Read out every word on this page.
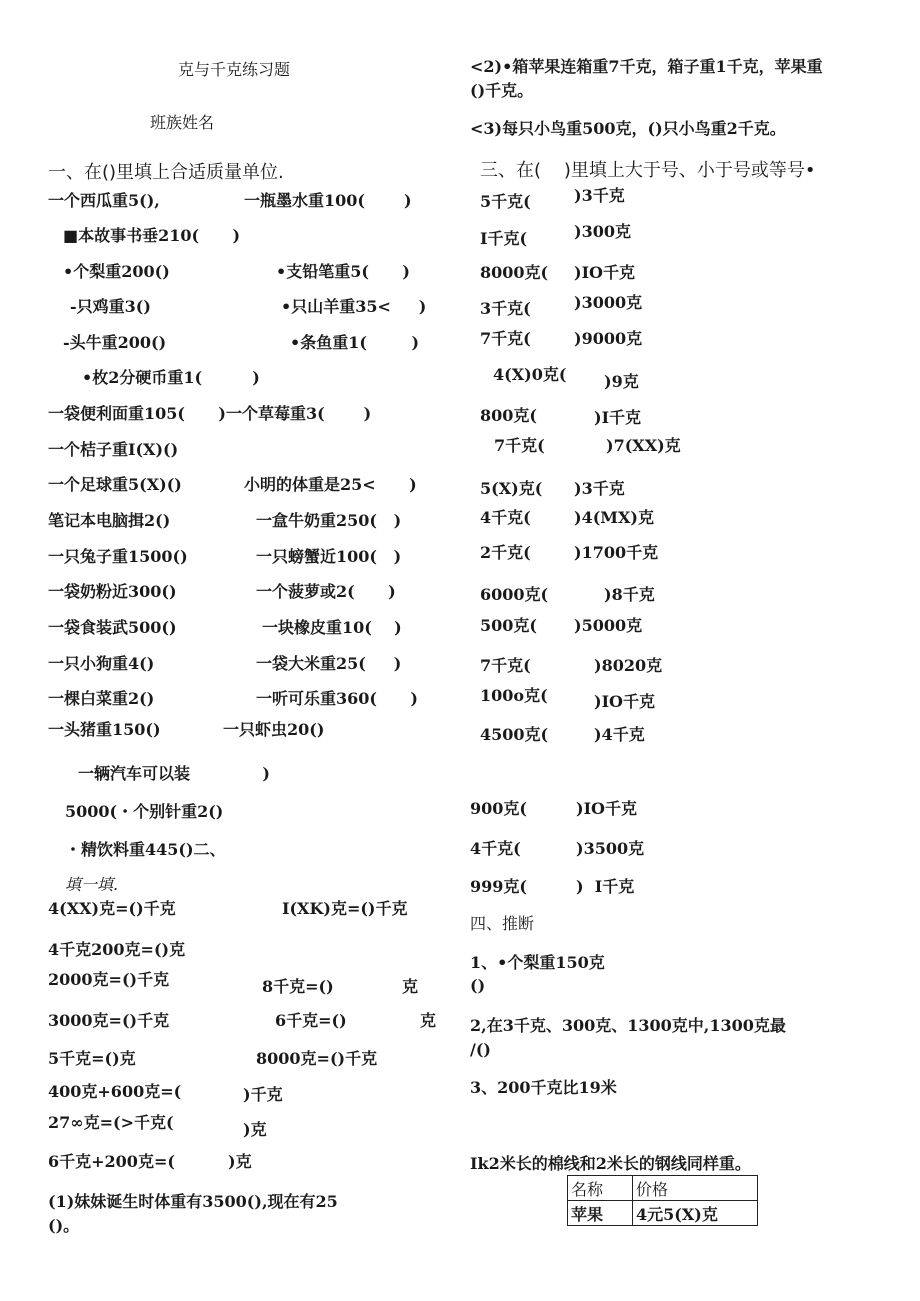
克与千克练习题
班族姓名
一、在()里填上合适质量单位.
一个西瓜重5(),	一瓶墨水重100(       )
■本故事书垂210(      )
•个梨重200()	•支铅笔重5(      )
-只鸡重3()	•只山羊重35<     )
-头牛重200()	•条鱼重1(        )
•枚2分硬币重1(         )
一袋便利面重105(      )一个草莓重3(       )
一个桔子重I(X)()
一个足球重5(X)()	小明的体重是25<      )
笔记本电脑揖2()	一盒牛奶重250(   )
一只兔子重1500()	一只螃蟹近100(   )
一袋奶粉近300()	一个菠萝或2(      )
一袋食装武500()	一块橡皮重10(    )
一只小狗重4()	一袋大米重25(     )
一棵白菜重2()	一听可乐重360(      )
一头猪重150()	一只虾虫20()
一辆汽车可以装             )
5000(・个别针重2()
・精饮料重445()二、
填一填.
4(XX)克=()千克	I(XK)克=()千克
4千克200克=()克
2000克=()千克	8千克=()	克
3000克=()千克	6千克=()	克
5千克=()克	8000克=()千克
400克+600克=(	)千克
27∞克=(>千克(	)克
6千克+200克=(	)克
(1)妹妹诞生时体重有3500(),现在有25
()。
<2)•箱苹果连箱重7千克，箱子重1千克，苹果重
()千克。
<3)每只小鸟重500克，()只小鸟重2千克。
三、在(    )里填上大于号、小于号或等号•
5千克(	)3千克
I千克(	)300克
8000克( )IO千克
3千克(	)3000克
7千克(	)9000克
4(X)0克( )9克
800克(	)I千克
7千克(	)7(XX)克
5(X)克( )3千克
4千克(	)4(MX)克
2千克(	)1700千克
6000克(	)8千克
500克( )5000克
7千克(	)8020克
100o克(	)IO千克
4500克(	)4千克
900克(	)IO千克
4千克(	)3500克
999克(	)  I千克
四、推断
1、•个梨重150克
()
2,在3千克、300克、1300克中,1300克最
/()
3、200千克比19米
Ik2米长的棉线和2米长的钢线同样重。
名称	价格
苹果	4元5(X)克
